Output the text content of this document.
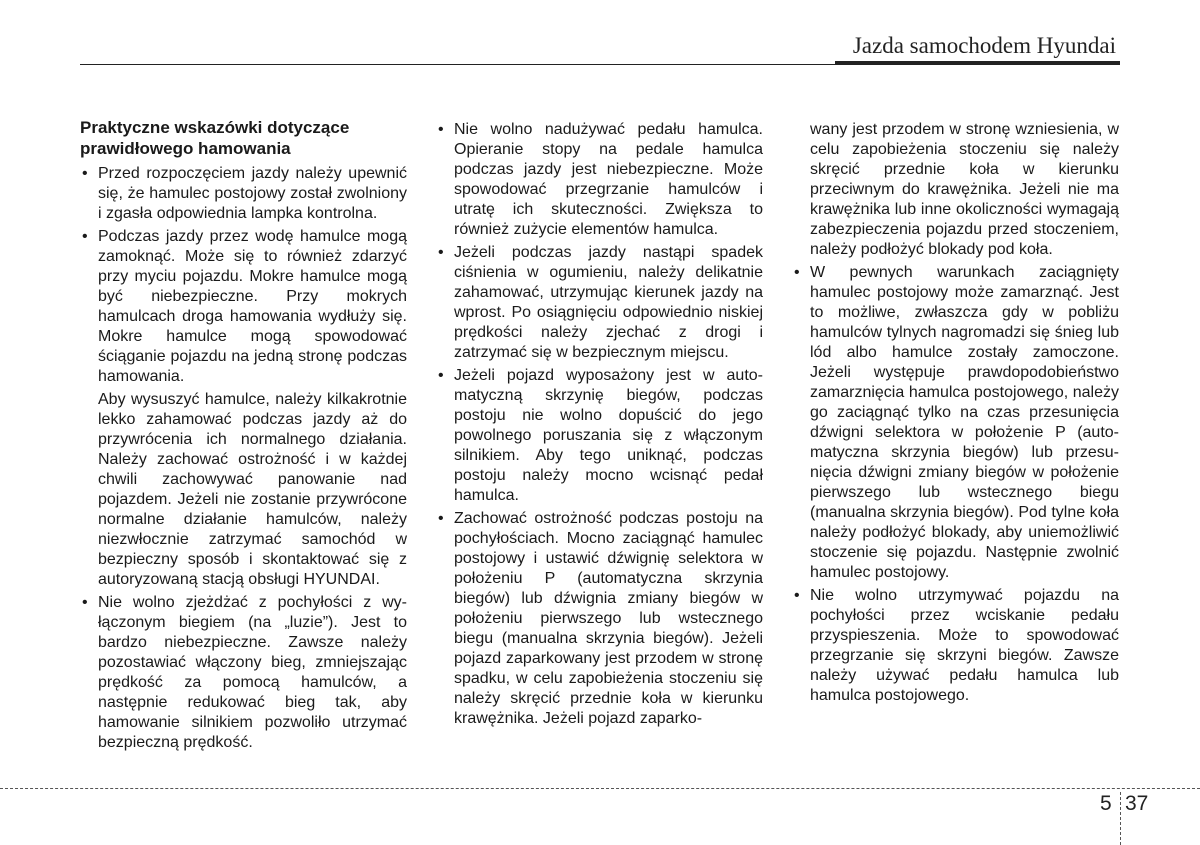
Jazda samochodem Hyundai

Praktyczne wskazówki dotyczące prawidłowego hamowania

• Przed rozpoczęciem jazdy należy upewnić się, że hamulec postojowy został zwolniony i zgasła odpowiednia lampka kontrolna.

• Podczas jazdy przez wodę hamulce mogą zamoknąć. Może się to również zdarzyć przy myciu pojazdu. Mokre hamulce mogą być niebezpieczne. Przy mokrych hamulcach droga hamowania wydłuży się. Mokre hamulce mogą spowodować ściąganie pojazdu na jedną stronę podczas hamowania.

Aby wysuszyć hamulce, należy kilkakrotnie lekko zahamować podczas jazdy aż do przywrócenia ich normalnego działania. Należy zachować ostrożność i w każdej chwili zachowywać panowanie nad pojazdem. Jeżeli nie zostanie przywrócone normalne działanie hamulców, należy niezwłocznie zatrzymać samochód w bezpieczny sposób i skontaktować się z autoryzowaną stacją obsługi HYUNDAI.

• Nie wolno zjeżdżać z pochyłości z wyłączonym biegiem (na „luzie”). Jest to bardzo niebezpieczne. Zawsze należy pozostawiać włączony bieg, zmniejszając prędkość za pomocą hamulców, a następnie redukować bieg tak, aby hamowanie silnikiem pozwoliło utrzymać bezpieczną prędkość.

• Nie wolno nadużywać pedału hamulca. Opieranie stopy na pedale hamulca podczas jazdy jest niebezpieczne. Może spowodować przegrzanie hamulców i utratę ich skuteczności. Zwiększa to również zużycie elementów hamulca.

• Jeżeli podczas jazdy nastąpi spadek ciśnienia w ogumieniu, należy delikatnie zahamować, utrzymując kierunek jazdy na wprost. Po osiągnięciu odpowiednio niskiej prędkości należy zjechać z drogi i zatrzymać się w bezpiecznym miejscu.

• Jeżeli pojazd wyposażony jest w automatyczną skrzynię biegów, podczas postoju nie wolno dopuścić do jego powolnego poruszania się z włączonym silnikiem. Aby tego uniknąć, podczas postoju należy mocno wcisnąć pedał hamulca.

• Zachować ostrożność podczas postoju na pochyłościach. Mocno zaciągnąć hamulec postojowy i ustawić dźwignię selektora w położeniu P (automatyczna skrzynia biegów) lub dźwignia zmiany biegów w położeniu pierwszego lub wstecznego biegu (manualna skrzynia biegów). Jeżeli pojazd zaparkowany jest przodem w stronę spadku, w celu zapobieżenia stoczeniu się należy skręcić przednie koła w kierunku krawężnika. Jeżeli pojazd zaparko-

wany jest przodem w stronę wzniesienia, w celu zapobieżenia stoczeniu się należy skręcić przednie koła w kierunku przeciwnym do krawężnika. Jeżeli nie ma krawężnika lub inne okoliczności wymagają zabezpieczenia pojazdu przed stoczeniem, należy podłożyć blokady pod koła.

• W pewnych warunkach zaciągnięty hamulec postojowy może zamarznąć. Jest to możliwe, zwłaszcza gdy w pobliżu hamulców tylnych nagromadzi się śnieg lub lód albo hamulce zostały zamoczone. Jeżeli występuje prawdopodobieństwo zamarznięcia hamulca postojowego, należy go zaciągnąć tylko na czas przesunięcia dźwigni selektora w położenie P (automatyczna skrzynia biegów) lub przesunięcia dźwigni zmiany biegów w położenie pierwszego lub wstecznego biegu (manualna skrzynia biegów). Pod tylne koła należy podłożyć blokady, aby uniemożliwić stoczenie się pojazdu. Następnie zwolnić hamulec postojowy.

• Nie wolno utrzymywać pojazdu na pochyłości przez wciskanie pedału przyspieszenia. Może to spowodować przegrzanie się skrzyni biegów. Zawsze należy używać pedału hamulca lub hamulca postojowego.

5 37
